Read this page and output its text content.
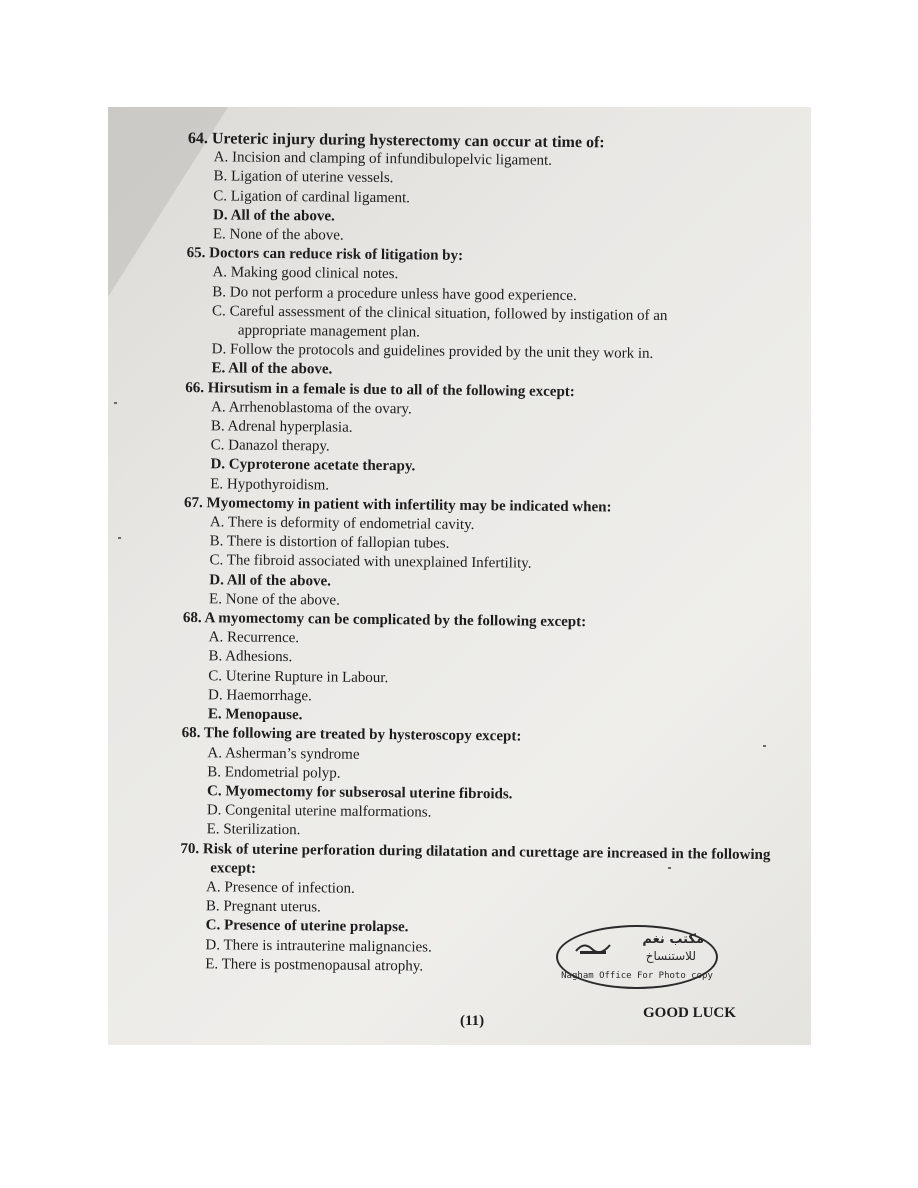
64. Ureteric injury during hysterectomy can occur at time of:

A. Incision and clamping of infundibulopelvic ligament.

B. Ligation of uterine vessels.

C. Ligation of cardinal ligament.

D. All of the above.

E. None of the above.

65. Doctors can reduce risk of litigation by:

A. Making good clinical notes.

B. Do not perform a procedure unless have good experience.

C. Careful assessment of the clinical situation, followed by instigation of an

appropriate management plan.

D. Follow the protocols and guidelines provided by the unit they work in.

E. All of the above.

66. Hirsutism in a female is due to all of the following except:

A. Arrhenoblastoma of the ovary.

B. Adrenal hyperplasia.

C. Danazol therapy.

D. Cyproterone acetate therapy.

E. Hypothyroidism.

67. Myomectomy in patient with infertility may be indicated when:

A. There is deformity of endometrial cavity.

B. There is distortion of fallopian tubes.

C. The fibroid associated with unexplained Infertility.

D. All of the above.

E. None of the above.

68. A myomectomy can be complicated by the following except:

A. Recurrence.

B. Adhesions.

C. Uterine Rupture in Labour.

D. Haemorrhage.

E. Menopause.

68. The following are treated by hysteroscopy except:

A. Asherman’s syndrome

B. Endometrial polyp.

C. Myomectomy for subserosal uterine fibroids.

D. Congenital uterine malformations.

E. Sterilization.

70. Risk of uterine perforation during dilatation and curettage are increased in the following except:

A. Presence of infection.

B. Pregnant uterus.

C. Presence of uterine prolapse.

D. There is intrauterine malignancies.

E. There is postmenopausal atrophy.

مكتب نغم
للاستنساخ
Nagham Office For Photo copy
(11)	GOOD LUCK
